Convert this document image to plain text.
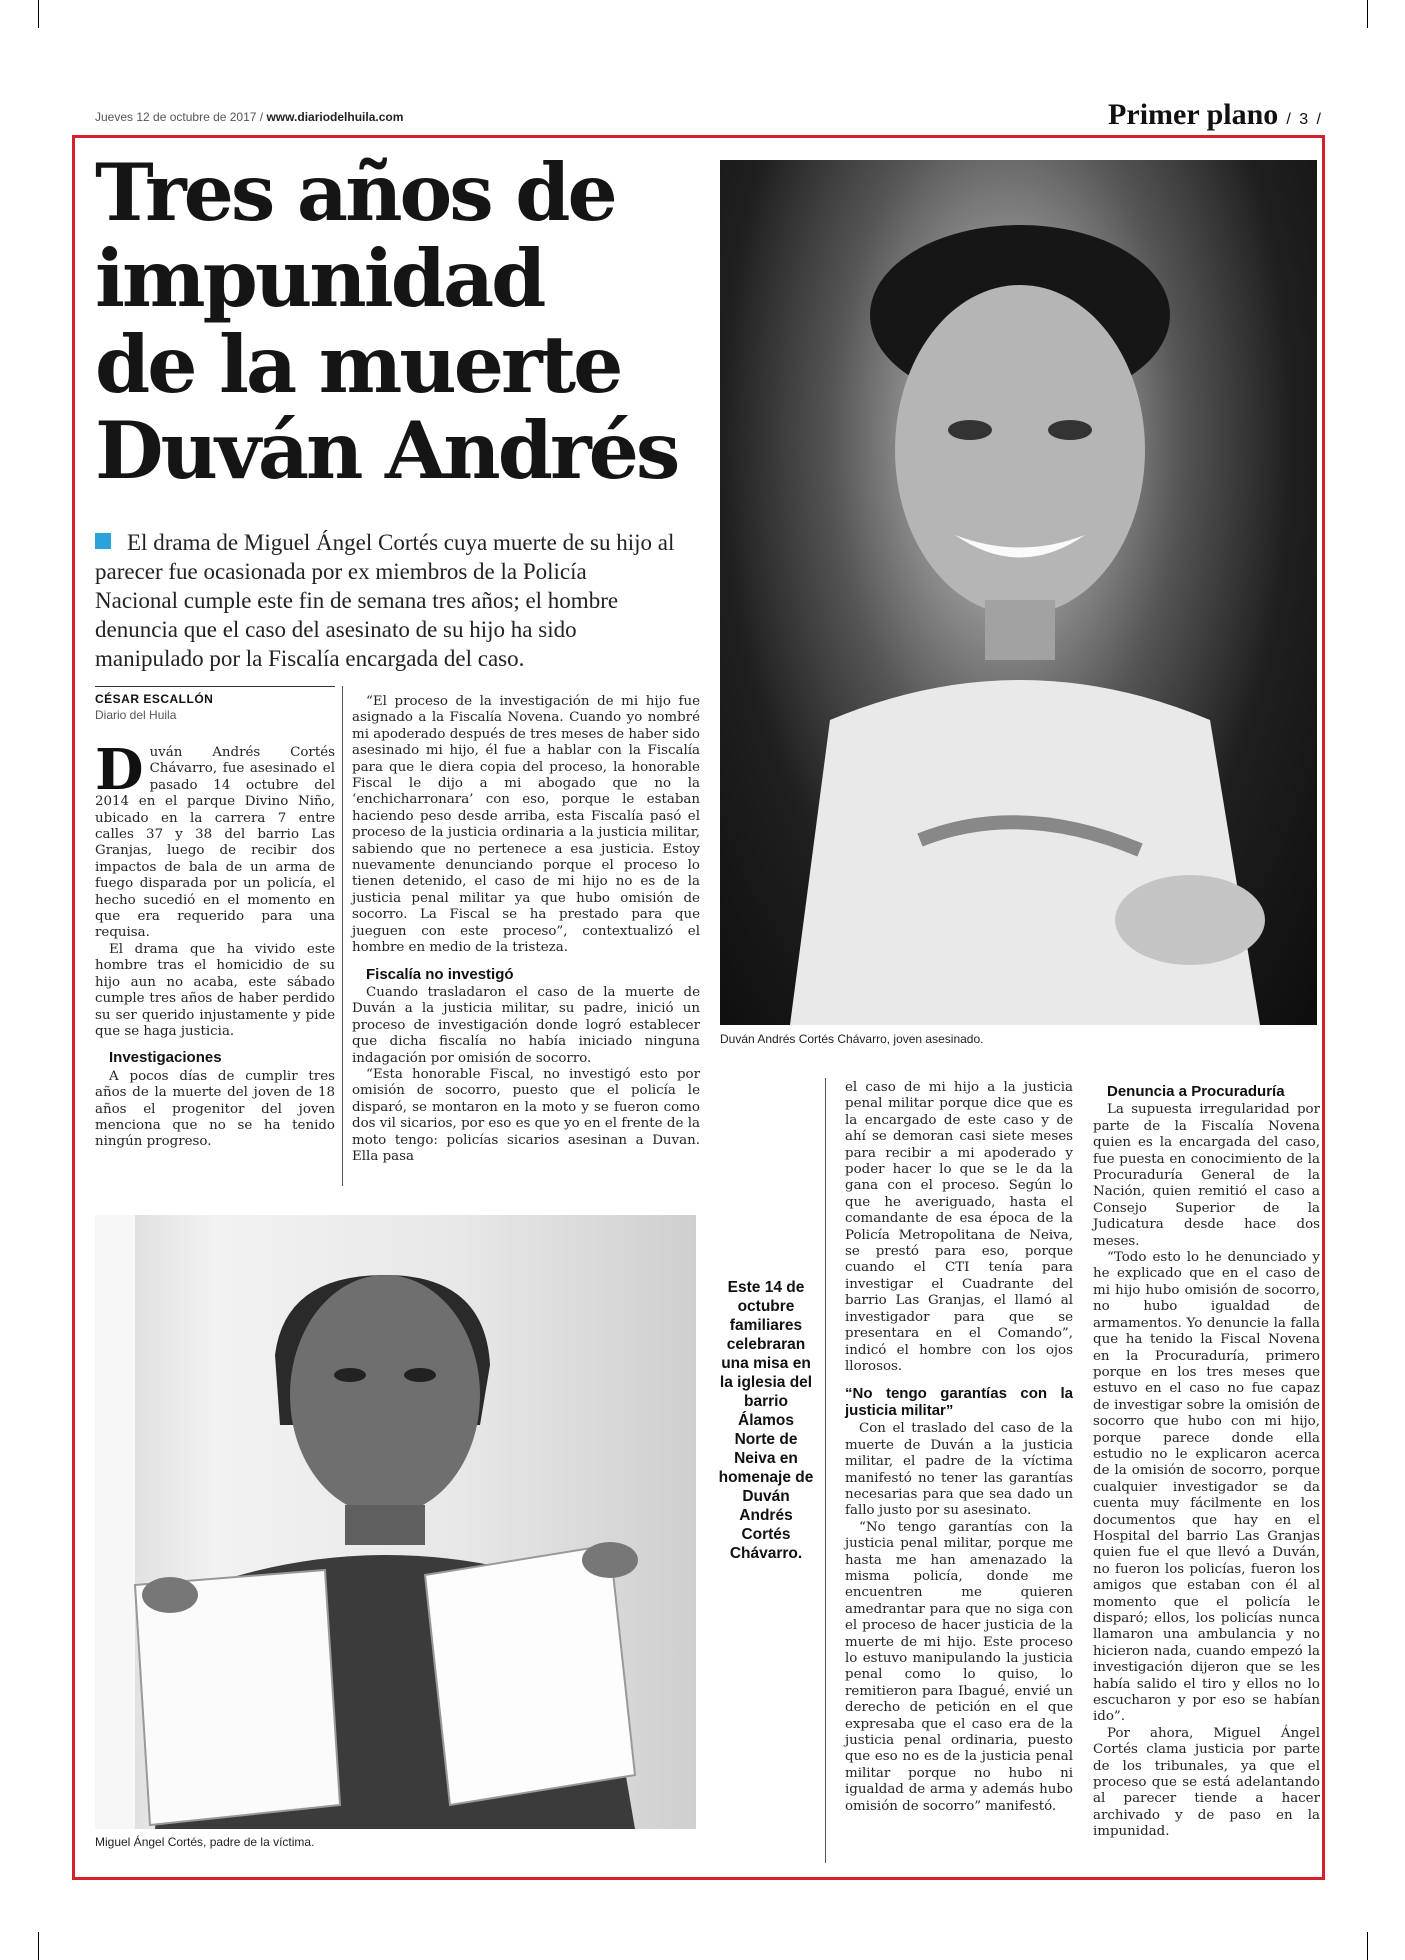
Jueves 12 de octubre de 2017 / www.diariodelhuila.com	Primer plano / 3 /
Tres años de
impunidad
de la muerte
Duván Andrés

El drama de Miguel Ángel Cortés cuya muerte de su hijo al parecer fue ocasionada por ex miembros de la Policía Nacional cumple este fin de semana tres años; el hombre denuncia que el caso del asesinato de su hijo ha sido manipulado por la Fiscalía encargada del caso.

Duván Andrés Cortés Chávarro, joven asesinado.
CÉSAR ESCALLÓN
Diario del Huila

Duván Andrés Cortés Chávarro, fue asesinado el pasado 14 octubre del 2014 en el parque Divino Niño, ubicado en la carrera 7 entre calles 37 y 38 del barrio Las Granjas, luego de recibir dos impactos de bala de un arma de fuego disparada por un policía, el hecho sucedió en el momento en que era requerido para una requisa.

El drama que ha vivido este hombre tras el homicidio de su hijo aun no acaba, este sábado cumple tres años de haber perdido su ser querido injustamente y pide que se haga justicia.

Investigaciones

A pocos días de cumplir tres años de la muerte del joven de 18 años el progenitor del joven menciona que no se ha tenido ningún progreso.

“El proceso de la investigación de mi hijo fue asignado a la Fiscalía Novena. Cuando yo nombré mi apoderado después de tres meses de haber sido asesinado mi hijo, él fue a hablar con la Fiscalía para que le diera copia del proceso, la honorable Fiscal le dijo a mi abogado que no la ‘enchicharronara’ con eso, porque le estaban haciendo peso desde arriba, esta Fiscalía pasó el proceso de la justicia ordinaria a la justicia militar, sabiendo que no pertenece a esa justicia. Estoy nuevamente denunciando porque el proceso lo tienen detenido, el caso de mi hijo no es de la justicia penal militar ya que hubo omisión de socorro. La Fiscal se ha prestado para que jueguen con este proceso”, contextualizó el hombre en medio de la tristeza.

Fiscalía no investigó

Cuando trasladaron el caso de la muerte de Duván a la justicia militar, su padre, inició un proceso de investigación donde logró establecer que dicha fiscalía no había iniciado ninguna indagación por omisión de socorro.

“Esta honorable Fiscal, no investigó esto por omisión de socorro, puesto que el policía le disparó, se montaron en la moto y se fueron como dos vil sicarios, por eso es que yo en el frente de la moto tengo: policías sicarios asesinan a Duvan. Ella pasa

Miguel Ángel Cortés, padre de la víctima.
Este 14 de octubre familiares celebraran una misa en la iglesia del barrio Álamos Norte de Neiva en homenaje de Duván Andrés Cortés Chávarro.

el caso de mi hijo a la justicia penal militar porque dice que es la encargado de este caso y de ahí se demoran casi siete meses para recibir a mi apoderado y poder hacer lo que se le da la gana con el proceso. Según lo que he averiguado, hasta el comandante de esa época de la Policía Metropolitana de Neiva, se prestó para eso, porque cuando el CTI tenía para investigar el Cuadrante del barrio Las Granjas, el llamó al investigador para que se presentara en el Comando”, indicó el hombre con los ojos llorosos.

“No tengo garantías con la justicia militar”

Con el traslado del caso de la muerte de Duván a la justicia militar, el padre de la víctima manifestó no tener las garantías necesarias para que sea dado un fallo justo por su asesinato.

“No tengo garantías con la justicia penal militar, porque me hasta me han amenazado la misma policía, donde me encuentren me quieren amedrantar para que no siga con el proceso de hacer justicia de la muerte de mi hijo. Este proceso lo estuvo manipulando la justicia penal como lo quiso, lo remitieron para Ibagué, envié un derecho de petición en el que expresaba que el caso era de la justicia penal ordinaria, puesto que eso no es de la justicia penal militar porque no hubo ni igualdad de arma y además hubo omisión de socorro” manifestó.

Denuncia a Procuraduría

La supuesta irregularidad por parte de la Fiscalía Novena quien es la encargada del caso, fue puesta en conocimiento de la Procuraduría General de la Nación, quien remitió el caso a Consejo Superior de la Judicatura desde hace dos meses.

“Todo esto lo he denunciado y he explicado que en el caso de mi hijo hubo omisión de socorro, no hubo igualdad de armamentos. Yo denuncie la falla que ha tenido la Fiscal Novena en la Procuraduría, primero porque en los tres meses que estuvo en el caso no fue capaz de investigar sobre la omisión de socorro que hubo con mi hijo, porque parece donde ella estudio no le explicaron acerca de la omisión de socorro, porque cualquier investigador se da cuenta muy fácilmente en los documentos que hay en el Hospital del barrio Las Granjas quien fue el que llevó a Duván, no fueron los policías, fueron los amigos que estaban con él al momento que el policía le disparó; ellos, los policías nunca llamaron una ambulancia y no hicieron nada, cuando empezó la investigación dijeron que se les había salido el tiro y ellos no lo escucharon y por eso se habían ido”.

Por ahora, Miguel Ángel Cortés clama justicia por parte de los tribunales, ya que el proceso que se está adelantando al parecer tiende a hacer archivado y de paso en la impunidad.
